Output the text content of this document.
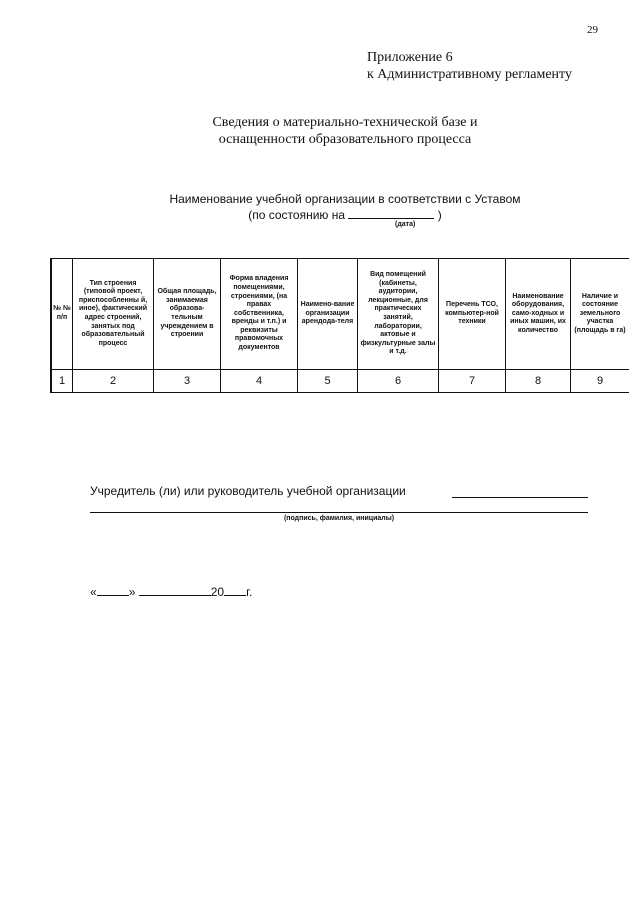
29
Приложение 6
к Административному регламенту
Сведения о материально-технической базе и
оснащенности образовательного процесса
Наименование учебной организации в соответствии с Уставом
(по состоянию на	)
(дата)
№ № п/п	Тип строения (типовой проект, приспособленны й, иное), фактический адрес строений, занятых под образовательный процесс	Общая площадь, занимаемая образова-тельным учреждением в строении	Форма владения помещениями, строениями, (на правах собственника, вренды и т.п.) и реквизиты правомочных документов	Наимено-вание организации арендода-теля	Вид помещений (кабинеты, аудитории, лекционные, для практических занятий, лаборатории, актовые и физкультурные залы и т.д.	Перечень ТСО, компьютер-ной техники	Наименование оборудования, само-ходных и иных машин, их количество	Наличие и состояние земельного участка (площадь в га)
1	2	3	4	5	6	7	8	9
Учредитель (ли) или руководитель учебной организации
(подпись, фамилия, инициалы)
«	»	20 г.
